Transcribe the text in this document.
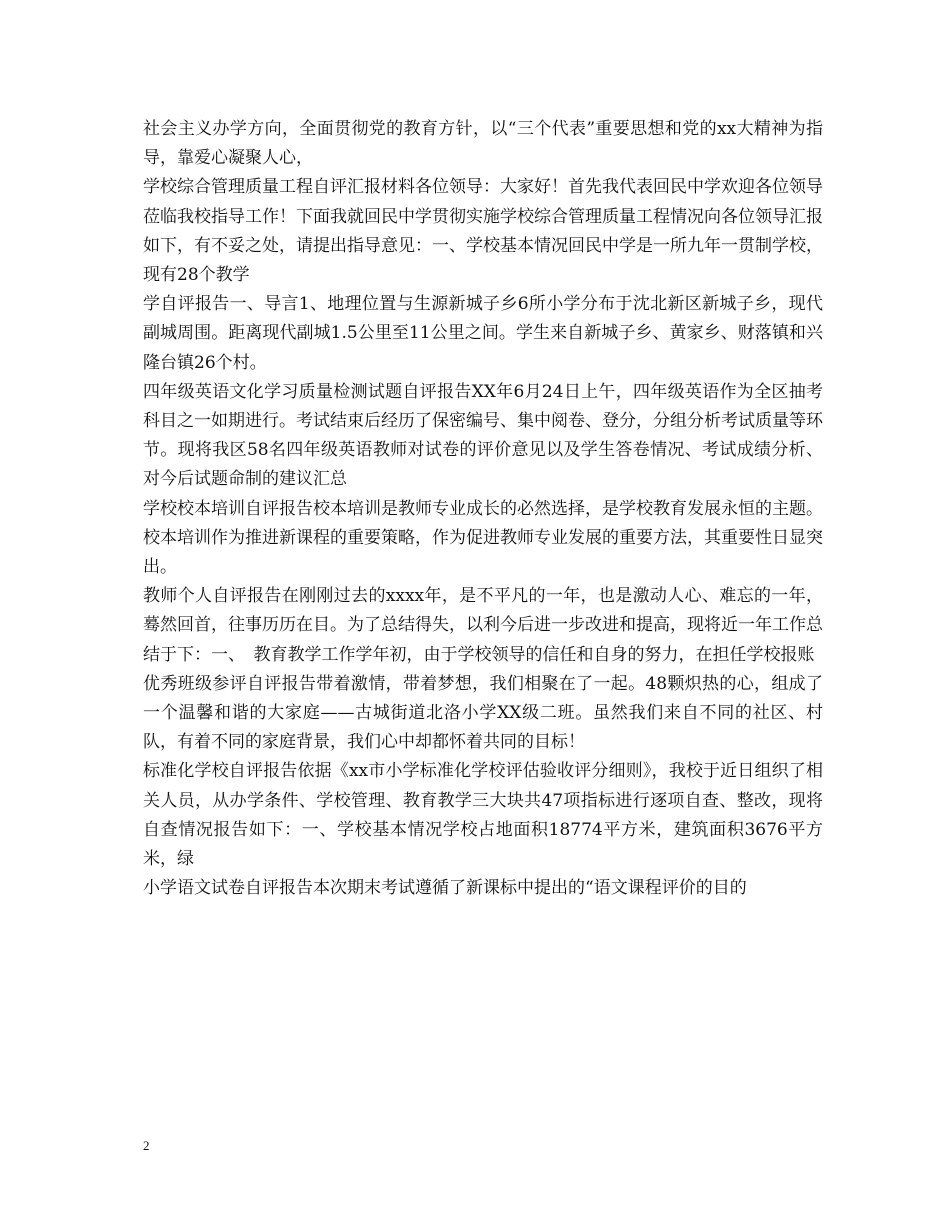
社会主义办学方向，全面贯彻党的教育方针，以“三个代表”重要思想和党的xx大精神为指导，靠爱心凝聚人心，

学校综合管理质量工程自评汇报材料各位领导：大家好！首先我代表回民中学欢迎各位领导莅临我校指导工作！下面我就回民中学贯彻实施学校综合管理质量工程情况向各位领导汇报如下，有不妥之处，请提出指导意见：一、学校基本情况回民中学是一所九年一贯制学校，现有28个教学

学自评报告一、导言1、地理位置与生源新城子乡6所小学分布于沈北新区新城子乡，现代副城周围。距离现代副城1.5公里至11公里之间。学生来自新城子乡、黄家乡、财落镇和兴隆台镇26个村。

四年级英语文化学习质量检测试题自评报告XX年6月24日上午，四年级英语作为全区抽考科目之一如期进行。考试结束后经历了保密编号、集中阅卷、登分，分组分析考试质量等环节。现将我区58名四年级英语教师对试卷的评价意见以及学生答卷情况、考试成绩分析、对今后试题命制的建议汇总

学校校本培训自评报告校本培训是教师专业成长的必然选择，是学校教育发展永恒的主题。校本培训作为推进新课程的重要策略，作为促进教师专业发展的重要方法，其重要性日显突出。

教师个人自评报告在刚刚过去的xxxx年，是不平凡的一年，也是激动人心、难忘的一年，蓦然回首，往事历历在目。为了总结得失，以利今后进一步改进和提高，现将近一年工作总结于下：一、　教育教学工作学年初，由于学校领导的信任和自身的努力，在担任学校报账

优秀班级参评自评报告带着激情，带着梦想，我们相聚在了一起。48颗炽热的心，组成了一个温馨和谐的大家庭——古城街道北洛小学XX级二班。虽然我们来自不同的社区、村队，有着不同的家庭背景，我们心中却都怀着共同的目标！

标准化学校自评报告依据《xx市小学标准化学校评估验收评分细则》，我校于近日组织了相关人员，从办学条件、学校管理、教育教学三大块共47项指标进行逐项自查、整改，现将自查情况报告如下：一、学校基本情况学校占地面积18774平方米，建筑面积3676平方米，绿

小学语文试卷自评报告本次期末考试遵循了新课标中提出的“语文课程评价的目的

2
